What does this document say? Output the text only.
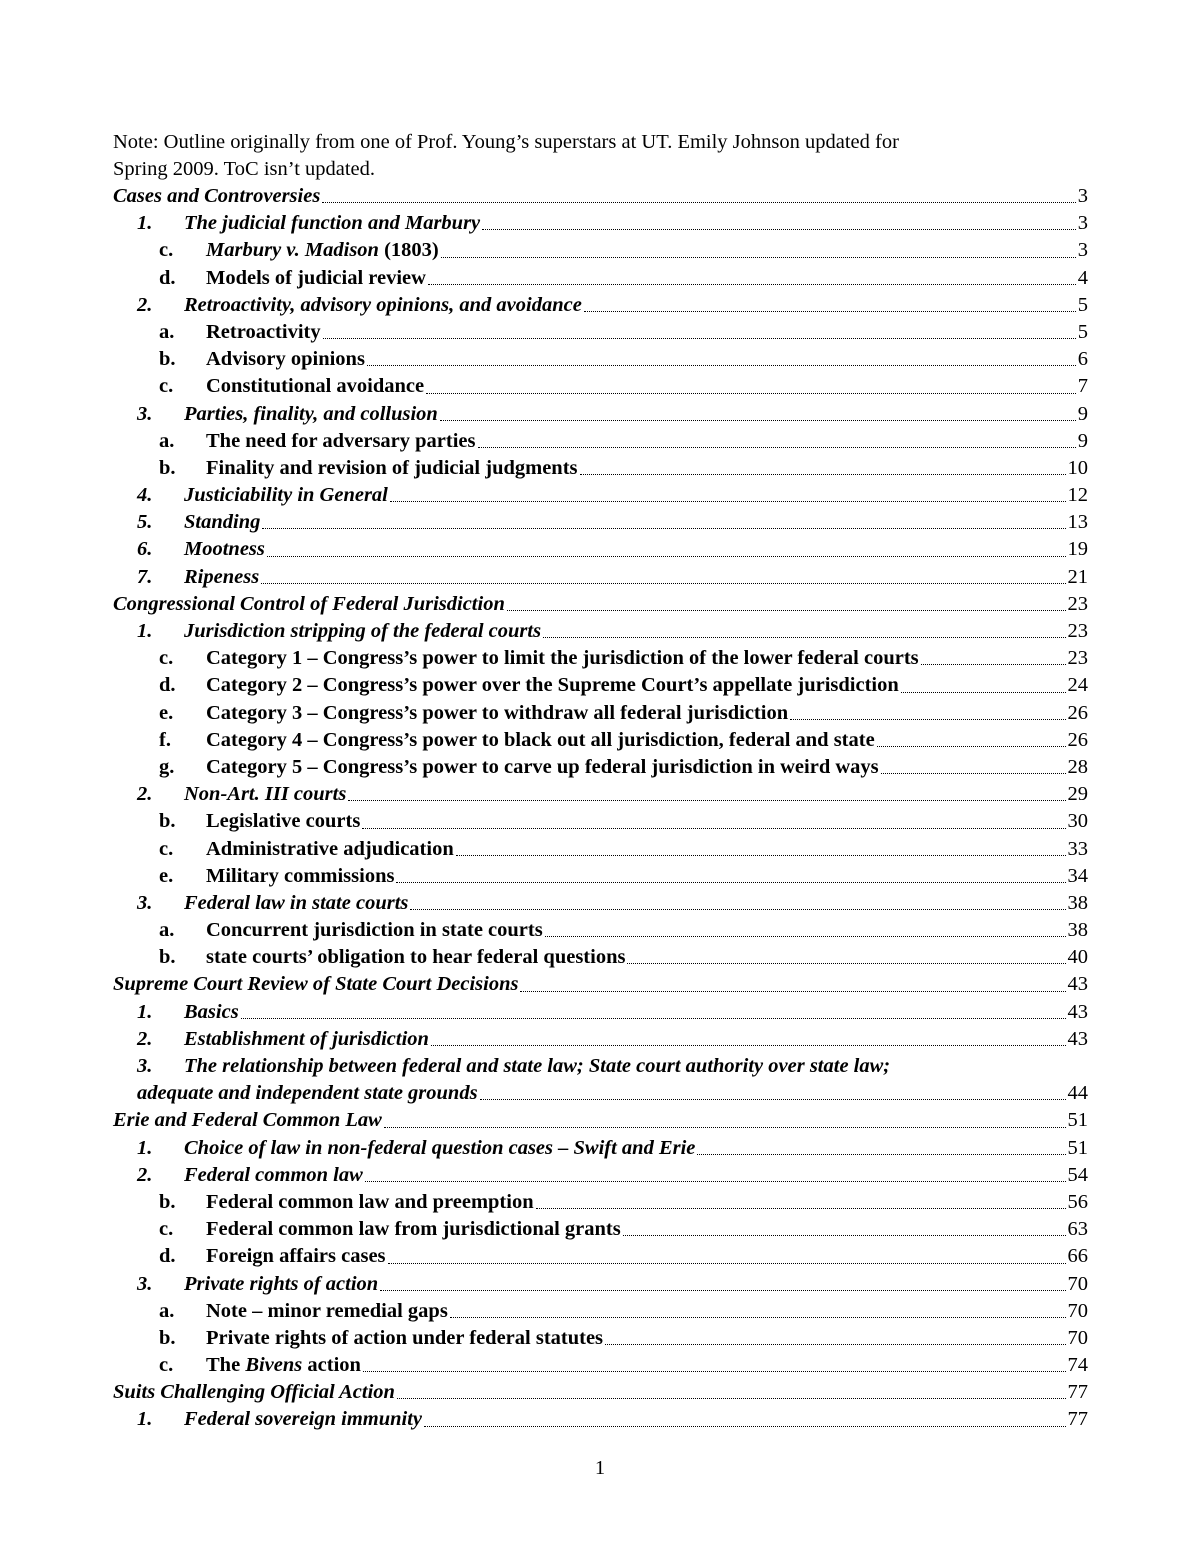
Note: Outline originally from one of Prof. Young’s superstars at UT. Emily Johnson updated for
Spring 2009. ToC isn’t updated.
Cases and Controversies	3
1.	The judicial function and Marbury	3
c.	Marbury v. Madison (1803)	3
d.	Models of judicial review	4
2.	Retroactivity, advisory opinions, and avoidance	5
a.	Retroactivity	5
b.	Advisory opinions	6
c.	Constitutional avoidance	7
3.	Parties, finality, and collusion	9
a.	The need for adversary parties	9
b.	Finality and revision of judicial judgments	10
4.	Justiciability in General	12
5.	Standing	13
6.	Mootness	19
7.	Ripeness	21
Congressional Control of Federal Jurisdiction	23
1.	Jurisdiction stripping of the federal courts	23
c.	Category 1 – Congress’s power to limit the jurisdiction of the lower federal courts	23
d.	Category 2 – Congress’s power over the Supreme Court’s appellate jurisdiction	24
e.	Category 3 – Congress’s power to withdraw all federal jurisdiction	26
f.	Category 4 – Congress’s power to black out all jurisdiction, federal and state	26
g.	Category 5 – Congress’s power to carve up federal jurisdiction in weird ways	28
2.	Non-Art. III courts	29
b.	Legislative courts	30
c.	Administrative adjudication	33
e.	Military commissions	34
3.	Federal law in state courts	38
a.	Concurrent jurisdiction in state courts	38
b.	state courts’ obligation to hear federal questions	40
Supreme Court Review of State Court Decisions	43
1.	Basics	43
2.	Establishment of jurisdiction	43
3.	The relationship between federal and state law; State court authority over state law;
adequate and independent state grounds	44
Erie and Federal Common Law	51
1.	Choice of law in non-federal question cases – Swift and Erie	51
2.	Federal common law	54
b.	Federal common law and preemption	56
c.	Federal common law from jurisdictional grants	63
d.	Foreign affairs cases	66
3.	Private rights of action	70
a.	Note – minor remedial gaps	70
b.	Private rights of action under federal statutes	70
c.	The Bivens action	74
Suits Challenging Official Action	77
1.	Federal sovereign immunity	77
1
